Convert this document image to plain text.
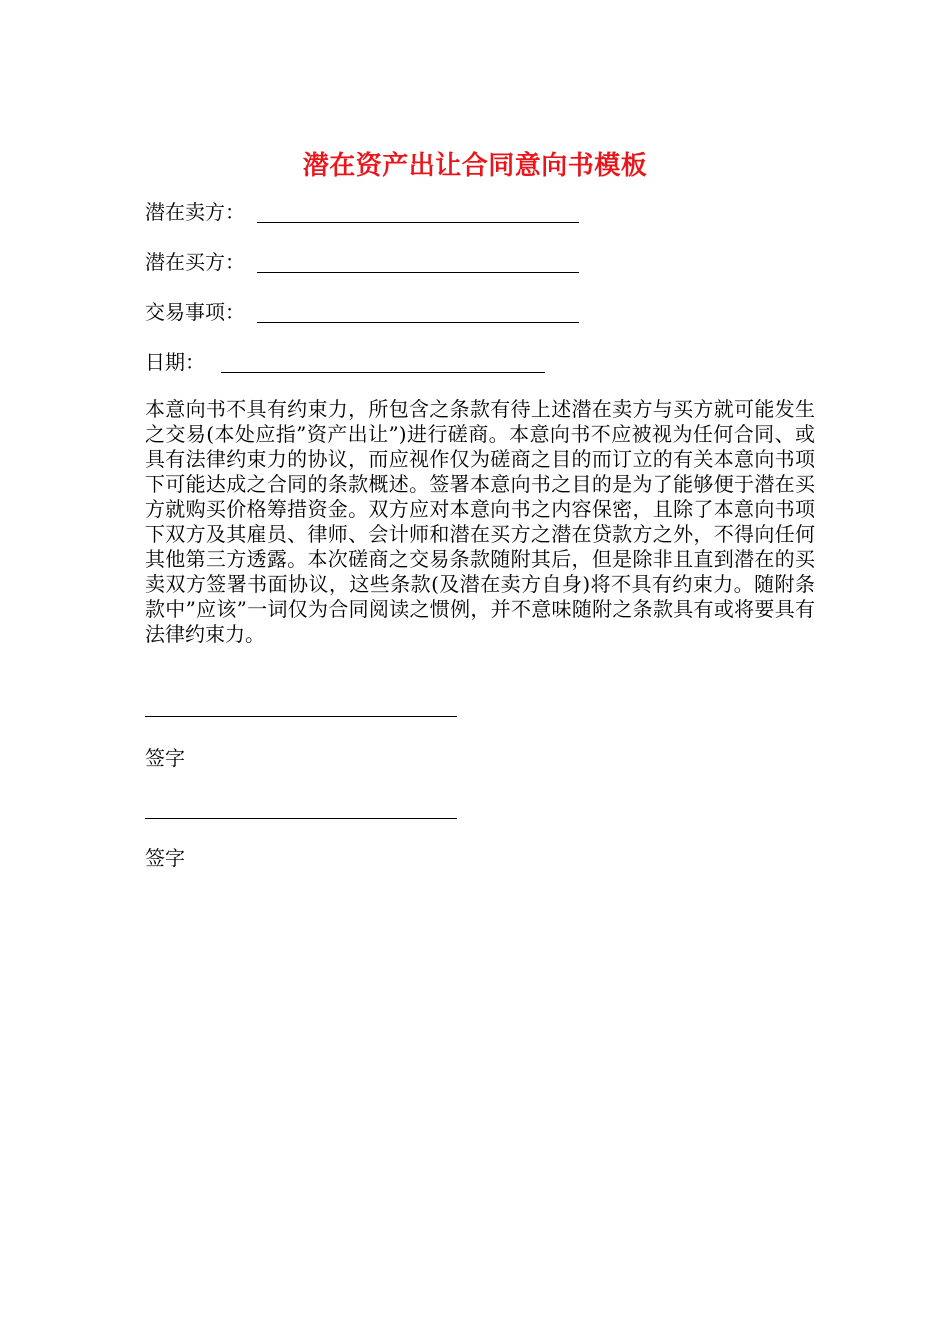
潜在资产出让合同意向书模板
潜在卖方：
潜在买方：
交易事项：
日期：

本意向书不具有约束力，所包含之条款有待上述潜在卖方与买方就可能发生之交易(本处应指”资产出让”)进行磋商。本意向书不应被视为任何合同、或具有法律约束力的协议，而应视作仅为磋商之目的而订立的有关本意向书项下可能达成之合同的条款概述。签署本意向书之目的是为了能够便于潜在买方就购买价格筹措资金。双方应对本意向书之内容保密，且除了本意向书项下双方及其雇员、律师、会计师和潜在买方之潜在贷款方之外，不得向任何其他第三方透露。本次磋商之交易条款随附其后，但是除非且直到潜在的买卖双方签署书面协议，这些条款(及潜在卖方自身)将不具有约束力。随附条款中”应该”一词仅为合同阅读之惯例，并不意味随附之条款具有或将要具有法律约束力。

签字
签字
